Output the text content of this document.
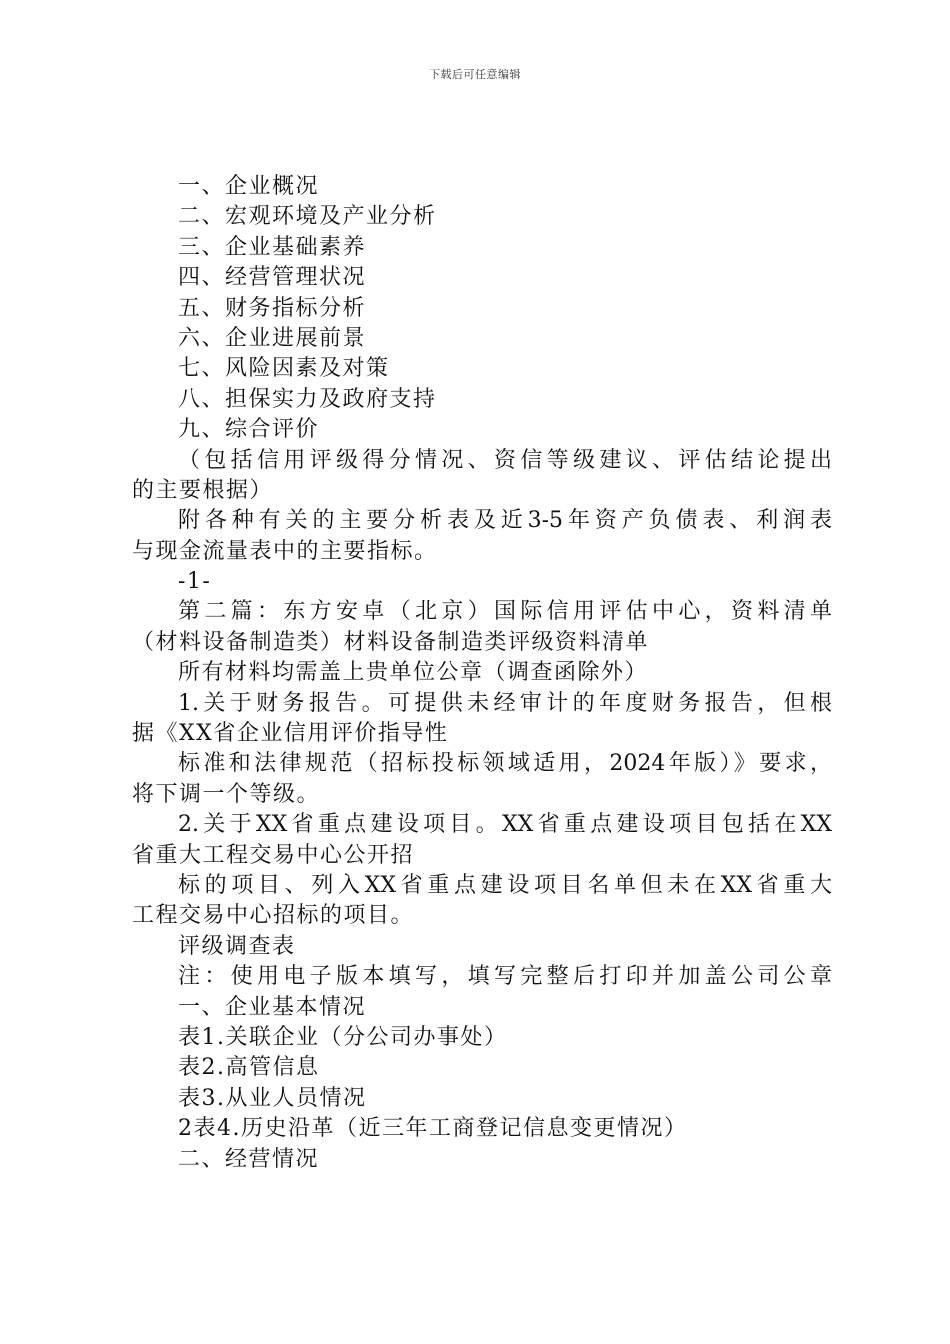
下载后可任意编辑
一、企业概况
二、宏观环境及产业分析
三、企业基础素养
四、经营管理状况
五、财务指标分析
六、企业进展前景
七、风险因素及对策
八、担保实力及政府支持
九、综合评价
（包括信用评级得分情况、资信等级建议、评估结论提出
的主要根据）
附各种有关的主要分析表及近3-5年资产负债表、利润表
与现金流量表中的主要指标。
-1-
第二篇：东方安卓（北京）国际信用评估中心，资料清单
（材料设备制造类）材料设备制造类评级资料清单
所有材料均需盖上贵单位公章（调查函除外）
1.关于财务报告。可提供未经审计的年度财务报告，但根
据《XX省企业信用评价指导性
标准和法律规范（招标投标领域适用，2024年版）》要求，
将下调一个等级。
2.关于XX省重点建设项目。XX省重点建设项目包括在XX
省重大工程交易中心公开招
标的项目、列入XX省重点建设项目名单但未在XX省重大
工程交易中心招标的项目。
评级调查表
注：使用电子版本填写，填写完整后打印并加盖公司公章
一、企业基本情况
表1.关联企业（分公司办事处）
表2.高管信息
表3.从业人员情况
2表4.历史沿革（近三年工商登记信息变更情况）
二、经营情况
